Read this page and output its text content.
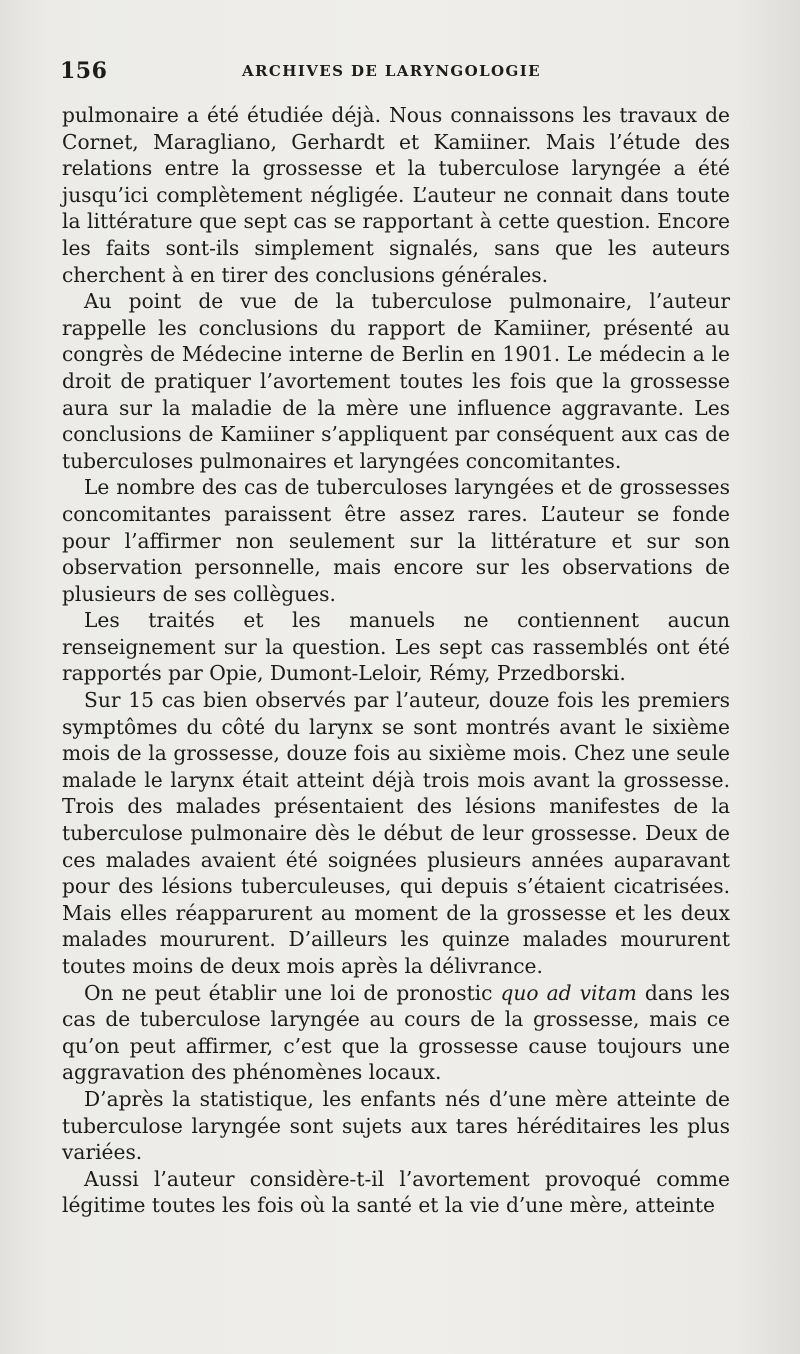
156	ARCHIVES DE LARYNGOLOGIE

pulmonaire a été étudiée déjà. Nous connaissons les travaux de Cornet, Maragliano, Gerhardt et Kamiiner. Mais l’étude des relations entre la grossesse et la tuberculose laryngée a été jusqu’ici complètement négligée. L’auteur ne connait dans toute la littérature que sept cas se rapportant à cette question. Encore les faits sont-ils simplement signalés, sans que les auteurs cherchent à en tirer des conclusions générales.

Au point de vue de la tuberculose pulmonaire, l’auteur rappelle les conclusions du rapport de Kamiiner, présenté au congrès de Médecine interne de Berlin en 1901. Le médecin a le droit de pratiquer l’avortement toutes les fois que la grossesse aura sur la maladie de la mère une influence aggravante. Les conclusions de Kamiiner s’appliquent par conséquent aux cas de tuberculoses pulmonaires et laryngées concomitantes.

Le nombre des cas de tuberculoses laryngées et de grossesses concomitantes paraissent être assez rares. L’auteur se fonde pour l’affirmer non seulement sur la littérature et sur son observation personnelle, mais encore sur les observations de plusieurs de ses collègues.

Les traités et les manuels ne contiennent aucun renseignement sur la question. Les sept cas rassemblés ont été rapportés par Opie, Dumont-Leloir, Rémy, Przedborski.

Sur 15 cas bien observés par l’auteur, douze fois les premiers symptômes du côté du larynx se sont montrés avant le sixième mois de la grossesse, douze fois au sixième mois. Chez une seule malade le larynx était atteint déjà trois mois avant la grossesse. Trois des malades présentaient des lésions manifestes de la tuberculose pulmonaire dès le début de leur grossesse. Deux de ces malades avaient été soignées plusieurs années auparavant pour des lésions tuberculeuses, qui depuis s’étaient cicatrisées. Mais elles réapparurent au moment de la grossesse et les deux malades moururent. D’ailleurs les quinze malades moururent toutes moins de deux mois après la délivrance.

On ne peut établir une loi de pronostic quo ad vitam dans les cas de tuberculose laryngée au cours de la grossesse, mais ce qu’on peut affirmer, c’est que la grossesse cause toujours une aggravation des phénomènes locaux.

D’après la statistique, les enfants nés d’une mère atteinte de tuberculose laryngée sont sujets aux tares héréditaires les plus variées.

Aussi l’auteur considère-t-il l’avortement provoqué comme légitime toutes les fois où la santé et la vie d’une mère, atteinte
